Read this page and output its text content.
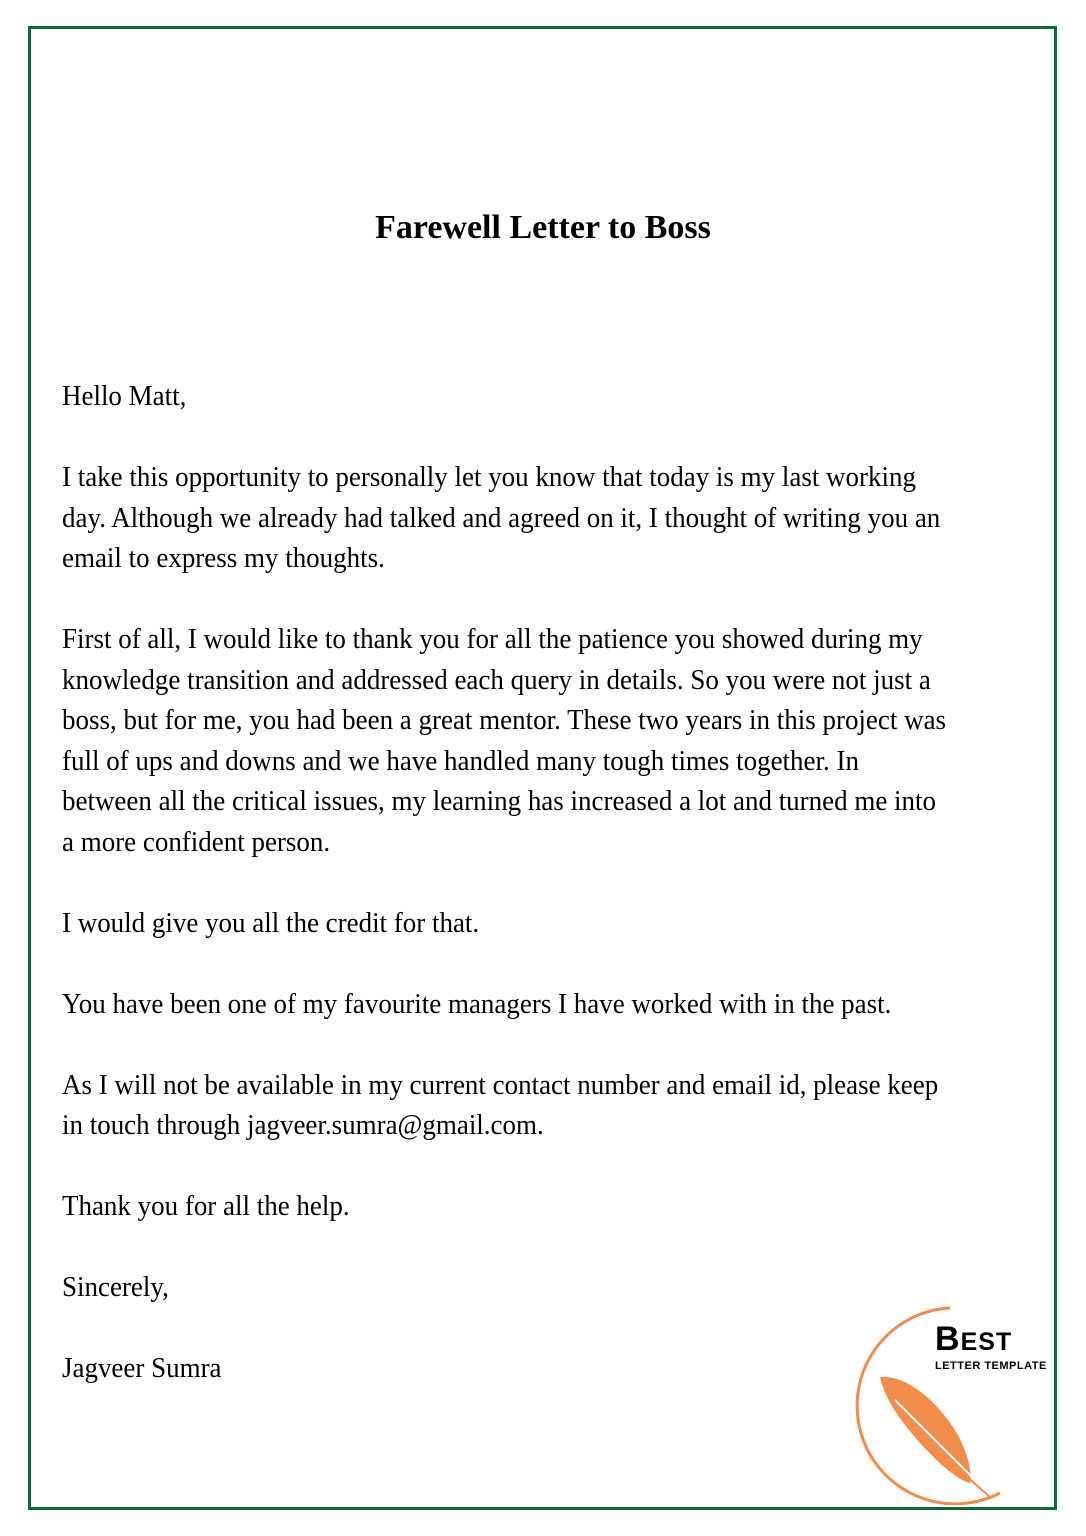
Farewell Letter to Boss
Hello Matt,
I take this opportunity to personally let you know that today is my last working
day. Although we already had talked and agreed on it, I thought of writing you an
email to express my thoughts.
First of all, I would like to thank you for all the patience you showed during my
knowledge transition and addressed each query in details. So you were not just a
boss, but for me, you had been a great mentor. These two years in this project was
full of ups and downs and we have handled many tough times together. In
between all the critical issues, my learning has increased a lot and turned me into
a more confident person.
I would give you all the credit for that.
You have been one of my favourite managers I have worked with in the past.
As I will not be available in my current contact number and email id, please keep
in touch through jagveer.sumra@gmail.com.
Thank you for all the help.
Sincerely,
Jagveer Sumra
BEST
LETTER TEMPLATE
